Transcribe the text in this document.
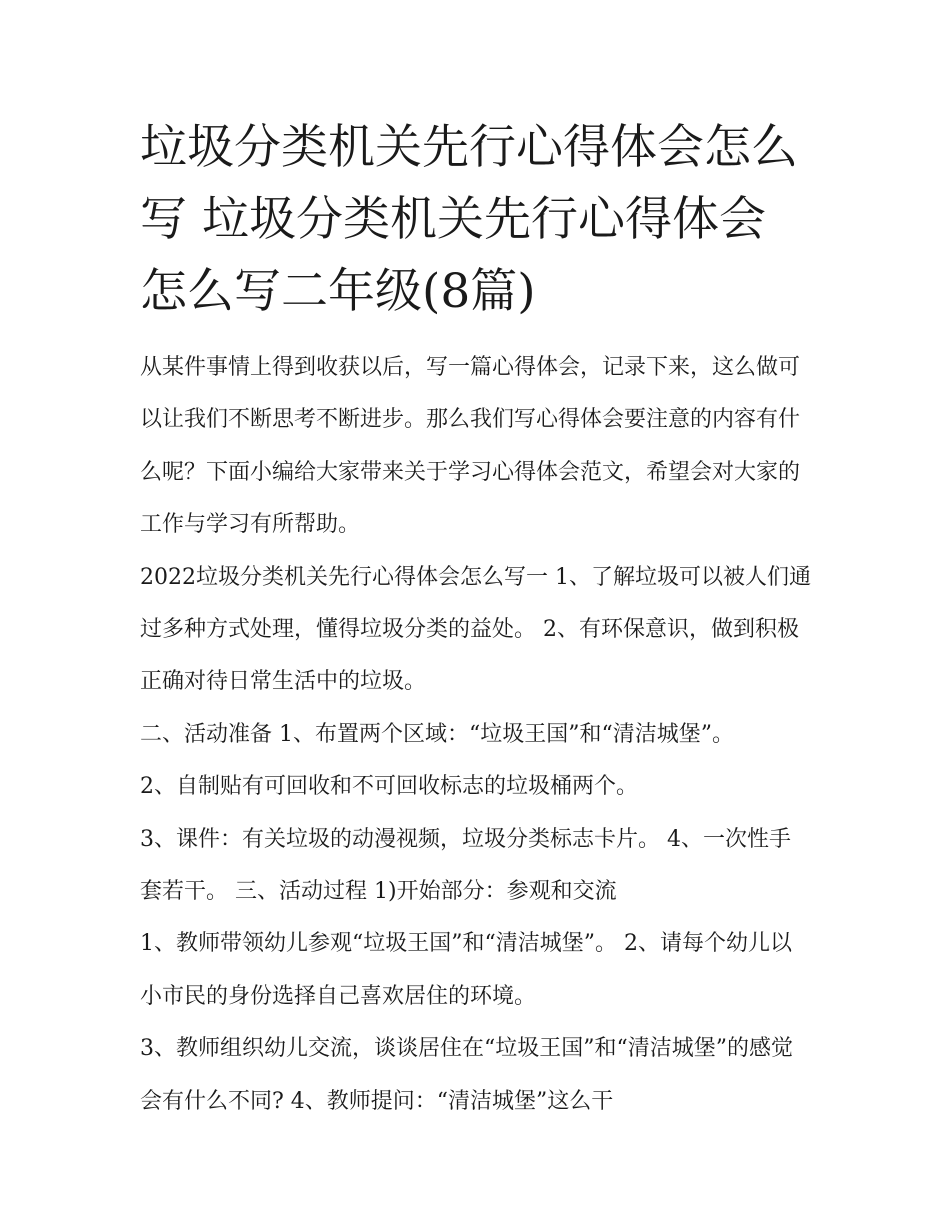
垃圾分类机关先行心得体会怎么写 垃圾分类机关先行心得体会怎么写二年级(8篇)

从某件事情上得到收获以后，写一篇心得体会，记录下来，这么做可以让我们不断思考不断进步。那么我们写心得体会要注意的内容有什么呢？下面小编给大家带来关于学习心得体会范文，希望会对大家的工作与学习有所帮助。

2022垃圾分类机关先行心得体会怎么写一 1、了解垃圾可以被人们通过多种方式处理，懂得垃圾分类的益处。 2、有环保意识，做到积极正确对待日常生活中的垃圾。

二、活动准备 1、布置两个区域：“垃圾王国”和“清洁城堡”。

2、自制贴有可回收和不可回收标志的垃圾桶两个。

3、课件：有关垃圾的动漫视频，垃圾分类标志卡片。 4、一次性手套若干。 三、活动过程 1)开始部分：参观和交流

1、教师带领幼儿参观“垃圾王国”和“清洁城堡”。 2、请每个幼儿以小市民的身份选择自己喜欢居住的环境。

3、教师组织幼儿交流，谈谈居住在“垃圾王国”和“清洁城堡”的感觉会有什么不同? 4、教师提问：“清洁城堡”这么干
